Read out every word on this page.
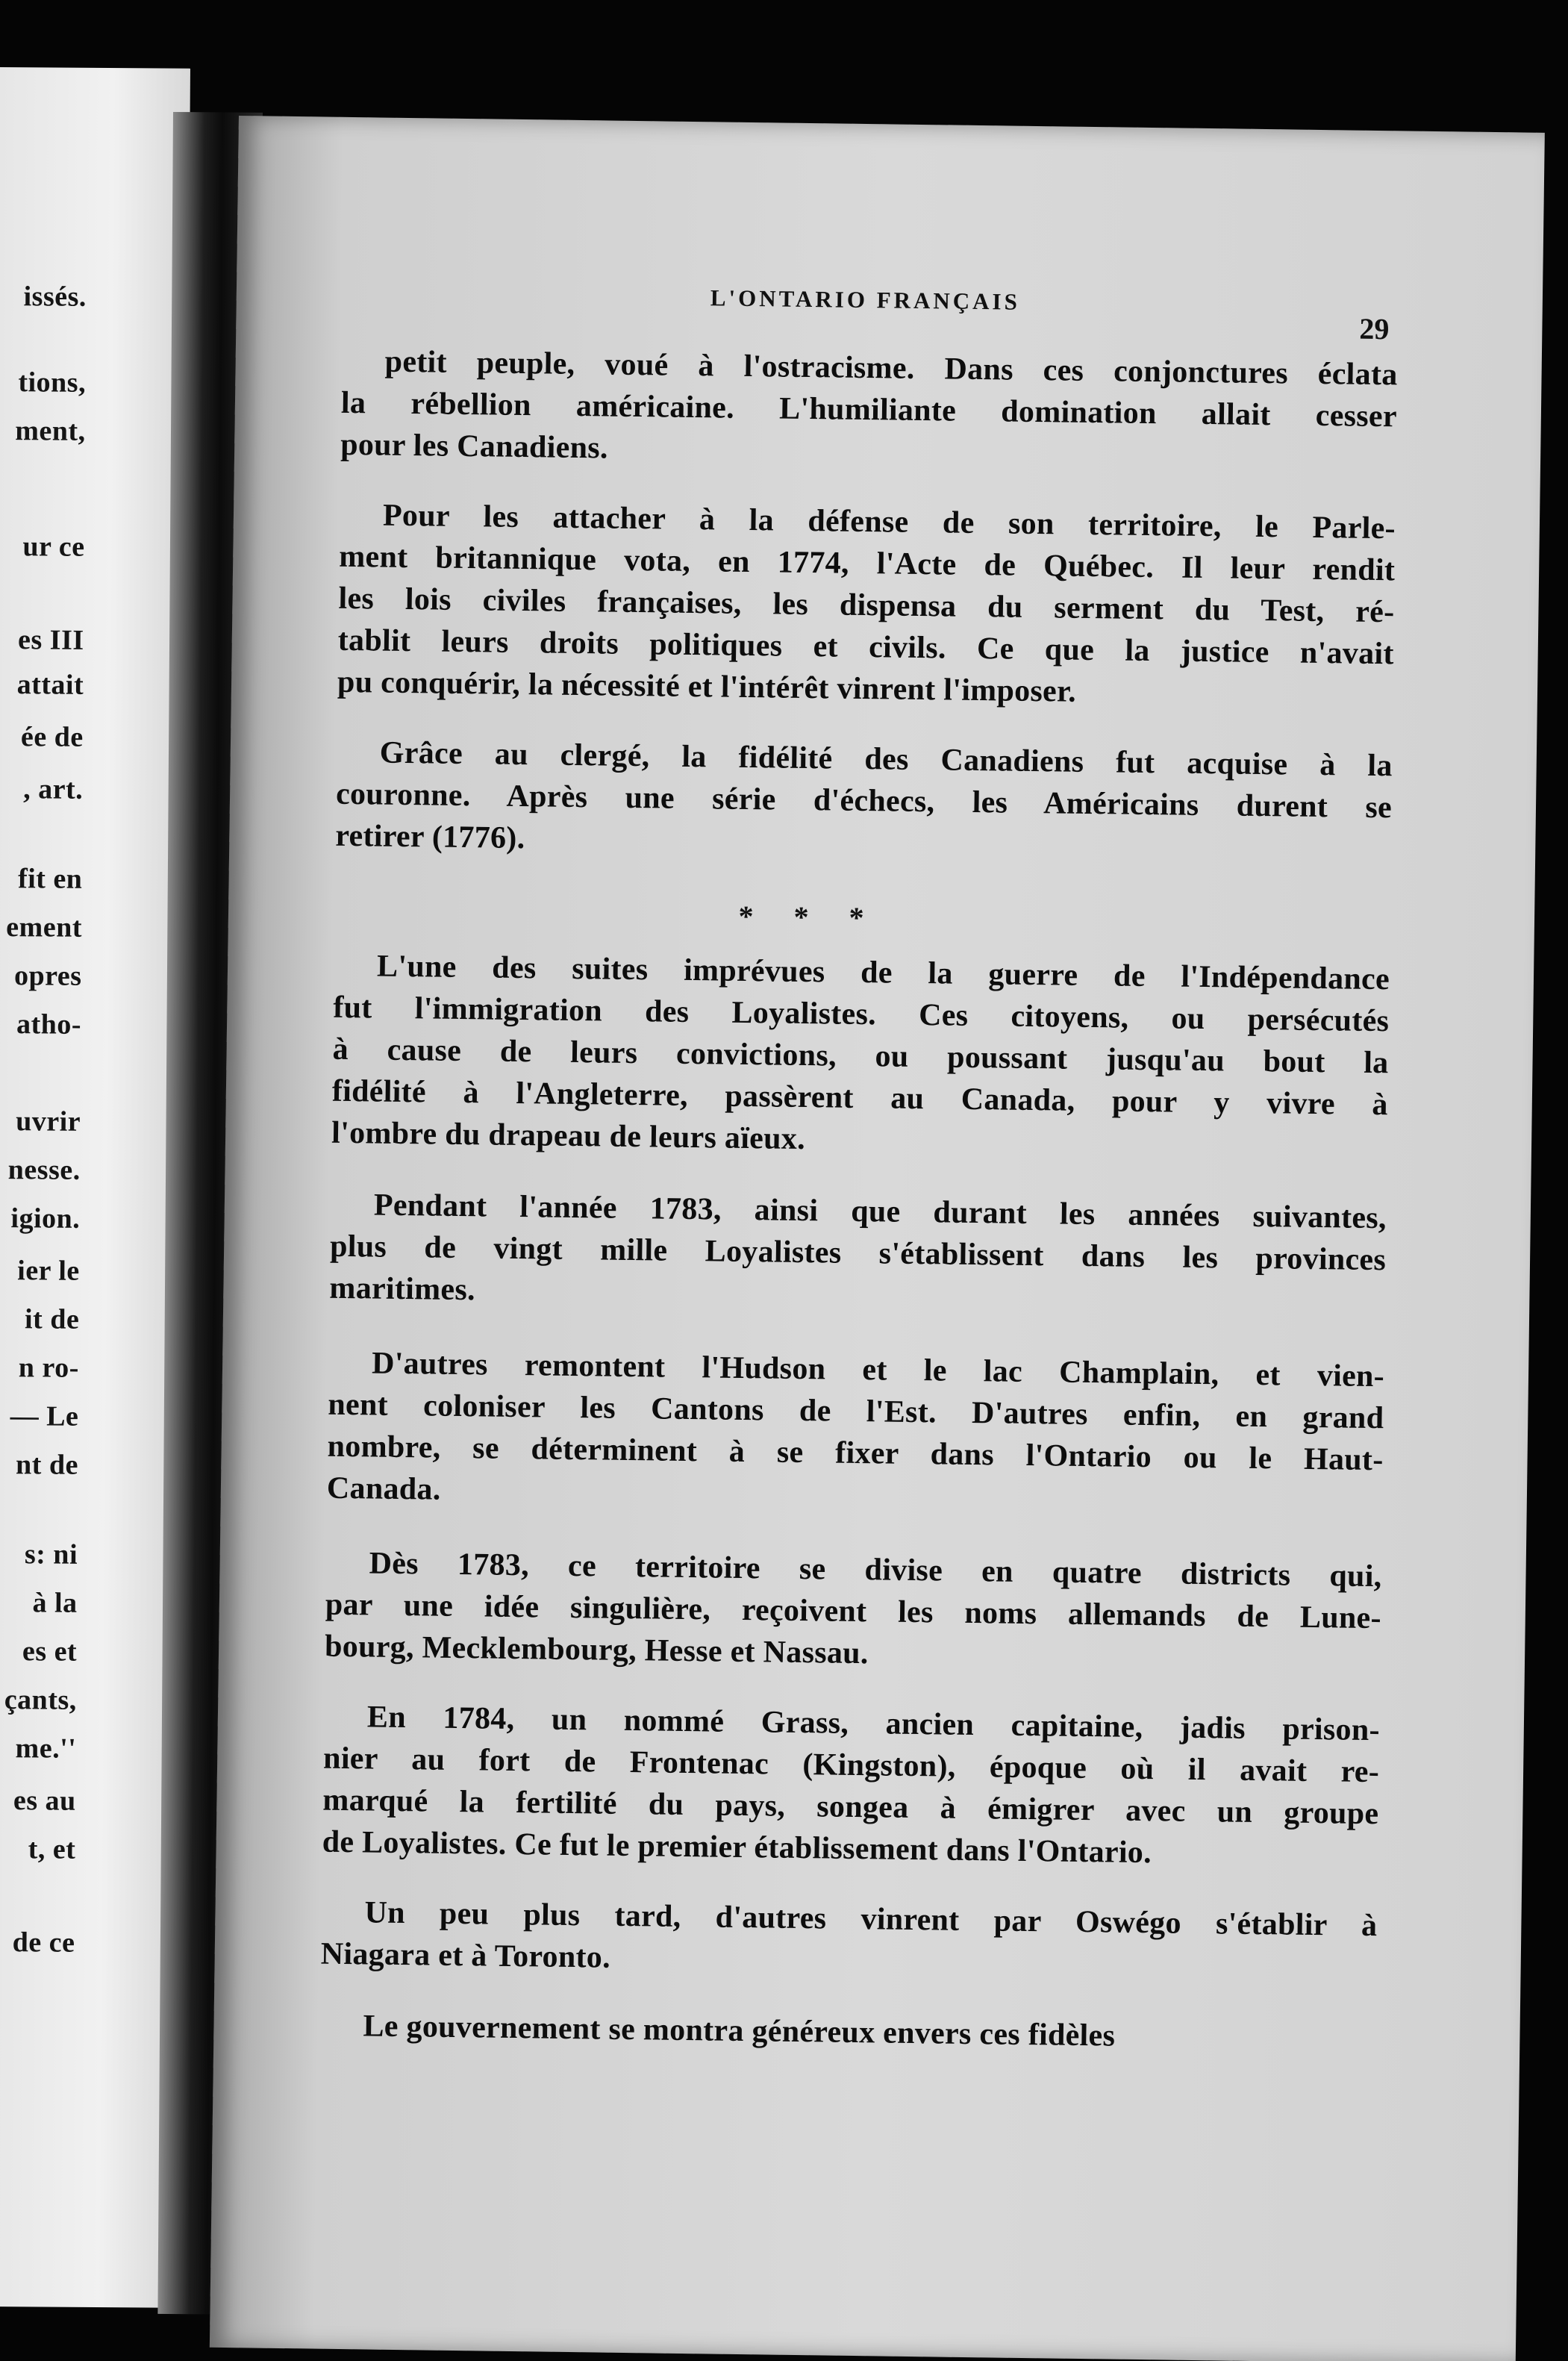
issés.
tions,
ment,
ur ce
es III
attait
ée de
, art.
fit en
ement
opres
atho-
uvrir
nesse.
igion.
ier le
it de
n ro-
— Le
nt de
s: ni
à la
es et
çants,
me.''
es au
t, et
de ce
L'ONTARIO FRANÇAIS
29
petit peuple, voué à l'ostracisme. Dans ces conjonctures éclata
la rébellion américaine. L'humiliante domination allait cesser
pour les Canadiens.
Pour les attacher à la défense de son territoire, le Parle-
ment britannique vota, en 1774, l'Acte de Québec. Il leur rendit
les lois civiles françaises, les dispensa du serment du Test, ré-
tablit leurs droits politiques et civils. Ce que la justice n'avait
pu conquérir, la nécessité et l'intérêt vinrent l'imposer.
Grâce au clergé, la fidélité des Canadiens fut acquise à la
couronne. Après une série d'échecs, les Américains durent se
retirer (1776).
L'une des suites imprévues de la guerre de l'Indépendance
fut l'immigration des Loyalistes. Ces citoyens, ou persécutés
à cause de leurs convictions, ou poussant jusqu'au bout la
fidélité à l'Angleterre, passèrent au Canada, pour y vivre à
l'ombre du drapeau de leurs aïeux.
Pendant l'année 1783, ainsi que durant les années suivantes,
plus de vingt mille Loyalistes s'établissent dans les provinces
maritimes.
D'autres remontent l'Hudson et le lac Champlain, et vien-
nent coloniser les Cantons de l'Est. D'autres enfin, en grand
nombre, se déterminent à se fixer dans l'Ontario ou le Haut-
Canada.
Dès 1783, ce territoire se divise en quatre districts qui,
par une idée singulière, reçoivent les noms allemands de Lune-
bourg, Mecklembourg, Hesse et Nassau.
En 1784, un nommé Grass, ancien capitaine, jadis prison-
nier au fort de Frontenac (Kingston), époque où il avait re-
marqué la fertilité du pays, songea à émigrer avec un groupe
de Loyalistes. Ce fut le premier établissement dans l'Ontario.
Un peu plus tard, d'autres vinrent par Oswégo s'établir à
Niagara et à Toronto.
Le gouvernement se montra généreux envers ces fidèles
* * *
